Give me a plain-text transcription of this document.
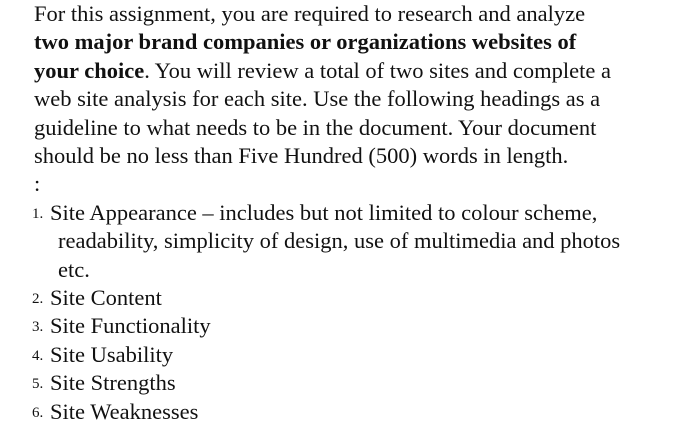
For this assignment, you are required to research and analyze
two major brand companies or organizations websites of
your choice. You will review a total of two sites and complete a
web site analysis for each site. Use the following headings as a
guideline to what needs to be in the document. Your document
should be no less than Five Hundred (500) words in length.

:

1. Site Appearance – includes but not limited to colour scheme,
readability, simplicity of design, use of multimedia and photos
etc.
2. Site Content
3. Site Functionality
4. Site Usability
5. Site Strengths
6. Site Weaknesses
